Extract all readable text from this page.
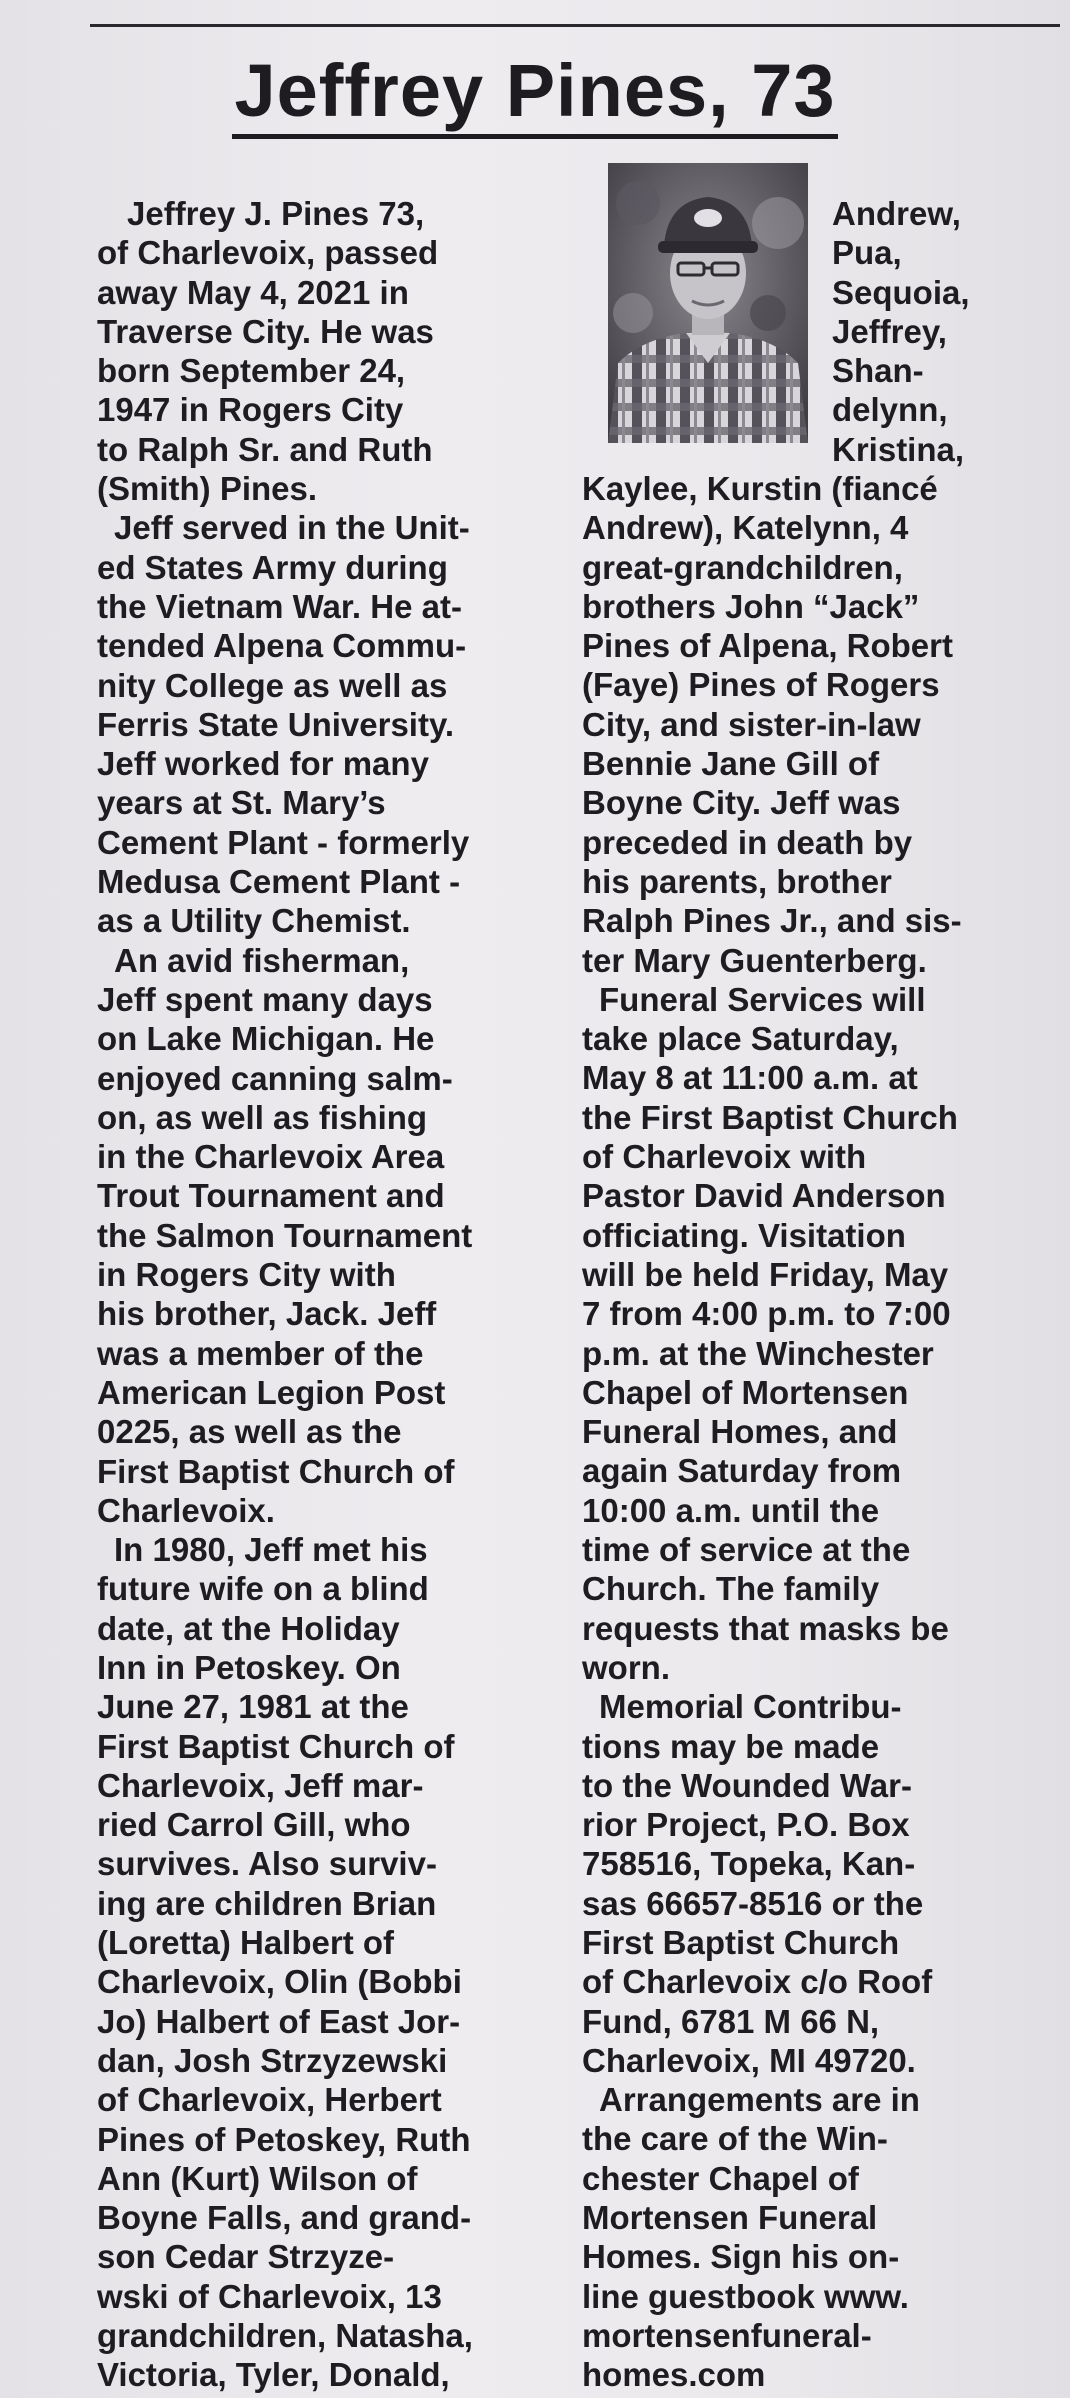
Jeffrey Pines, 73

Jeffrey J. Pines 73,
of Charlevoix, passed
away May 4, 2021 in
Traverse City. He was
born September 24,
1947 in Rogers City
to Ralph Sr. and Ruth
(Smith) Pines.

Jeff served in the Unit-
ed States Army during
the Vietnam War. He at-
tended Alpena Commu-
nity College as well as
Ferris State University.
Jeff worked for many
years at St. Mary’s
Cement Plant - formerly
Medusa Cement Plant -
as a Utility Chemist.

An avid fisherman,
Jeff spent many days
on Lake Michigan. He
enjoyed canning salm-
on, as well as fishing
in the Charlevoix Area
Trout Tournament and
the Salmon Tournament
in Rogers City with
his brother, Jack. Jeff
was a member of the
American Legion Post
0225, as well as the
First Baptist Church of
Charlevoix.

In 1980, Jeff met his
future wife on a blind
date, at the Holiday
Inn in Petoskey. On
June 27, 1981 at the
First Baptist Church of
Charlevoix, Jeff mar-
ried Carrol Gill, who
survives. Also surviv-
ing are children Brian
(Loretta) Halbert of
Charlevoix, Olin (Bobbi
Jo) Halbert of East Jor-
dan, Josh Strzyzewski
of Charlevoix, Herbert
Pines of Petoskey, Ruth
Ann (Kurt) Wilson of
Boyne Falls, and grand-
son Cedar Strzyze-
wski of Charlevoix, 13
grandchildren, Natasha,
Victoria, Tyler, Donald,

Andrew,
Pua,
Sequoia,
Jeffrey,
Shan-
delynn,
Kristina,

Kaylee, Kurstin (fiancé
Andrew), Katelynn, 4
great-grandchildren,
brothers John “Jack”
Pines of Alpena, Robert
(Faye) Pines of Rogers
City, and sister-in-law
Bennie Jane Gill of
Boyne City. Jeff was
preceded in death by
his parents, brother
Ralph Pines Jr., and sis-
ter Mary Guenterberg.

Funeral Services will
take place Saturday,
May 8 at 11:00 a.m. at
the First Baptist Church
of Charlevoix with
Pastor David Anderson
officiating. Visitation
will be held Friday, May
7 from 4:00 p.m. to 7:00
p.m. at the Winchester
Chapel of Mortensen
Funeral Homes, and
again Saturday from
10:00 a.m. until the
time of service at the
Church. The family
requests that masks be
worn.

Memorial Contribu-
tions may be made
to the Wounded War-
rior Project, P.O. Box
758516, Topeka, Kan-
sas 66657-8516 or the
First Baptist Church
of Charlevoix c/o Roof
Fund, 6781 M 66 N,
Charlevoix, MI 49720.

Arrangements are in
the care of the Win-
chester Chapel of
Mortensen Funeral
Homes. Sign his on-
line guestbook www.
mortensenfuneral-
homes.com
